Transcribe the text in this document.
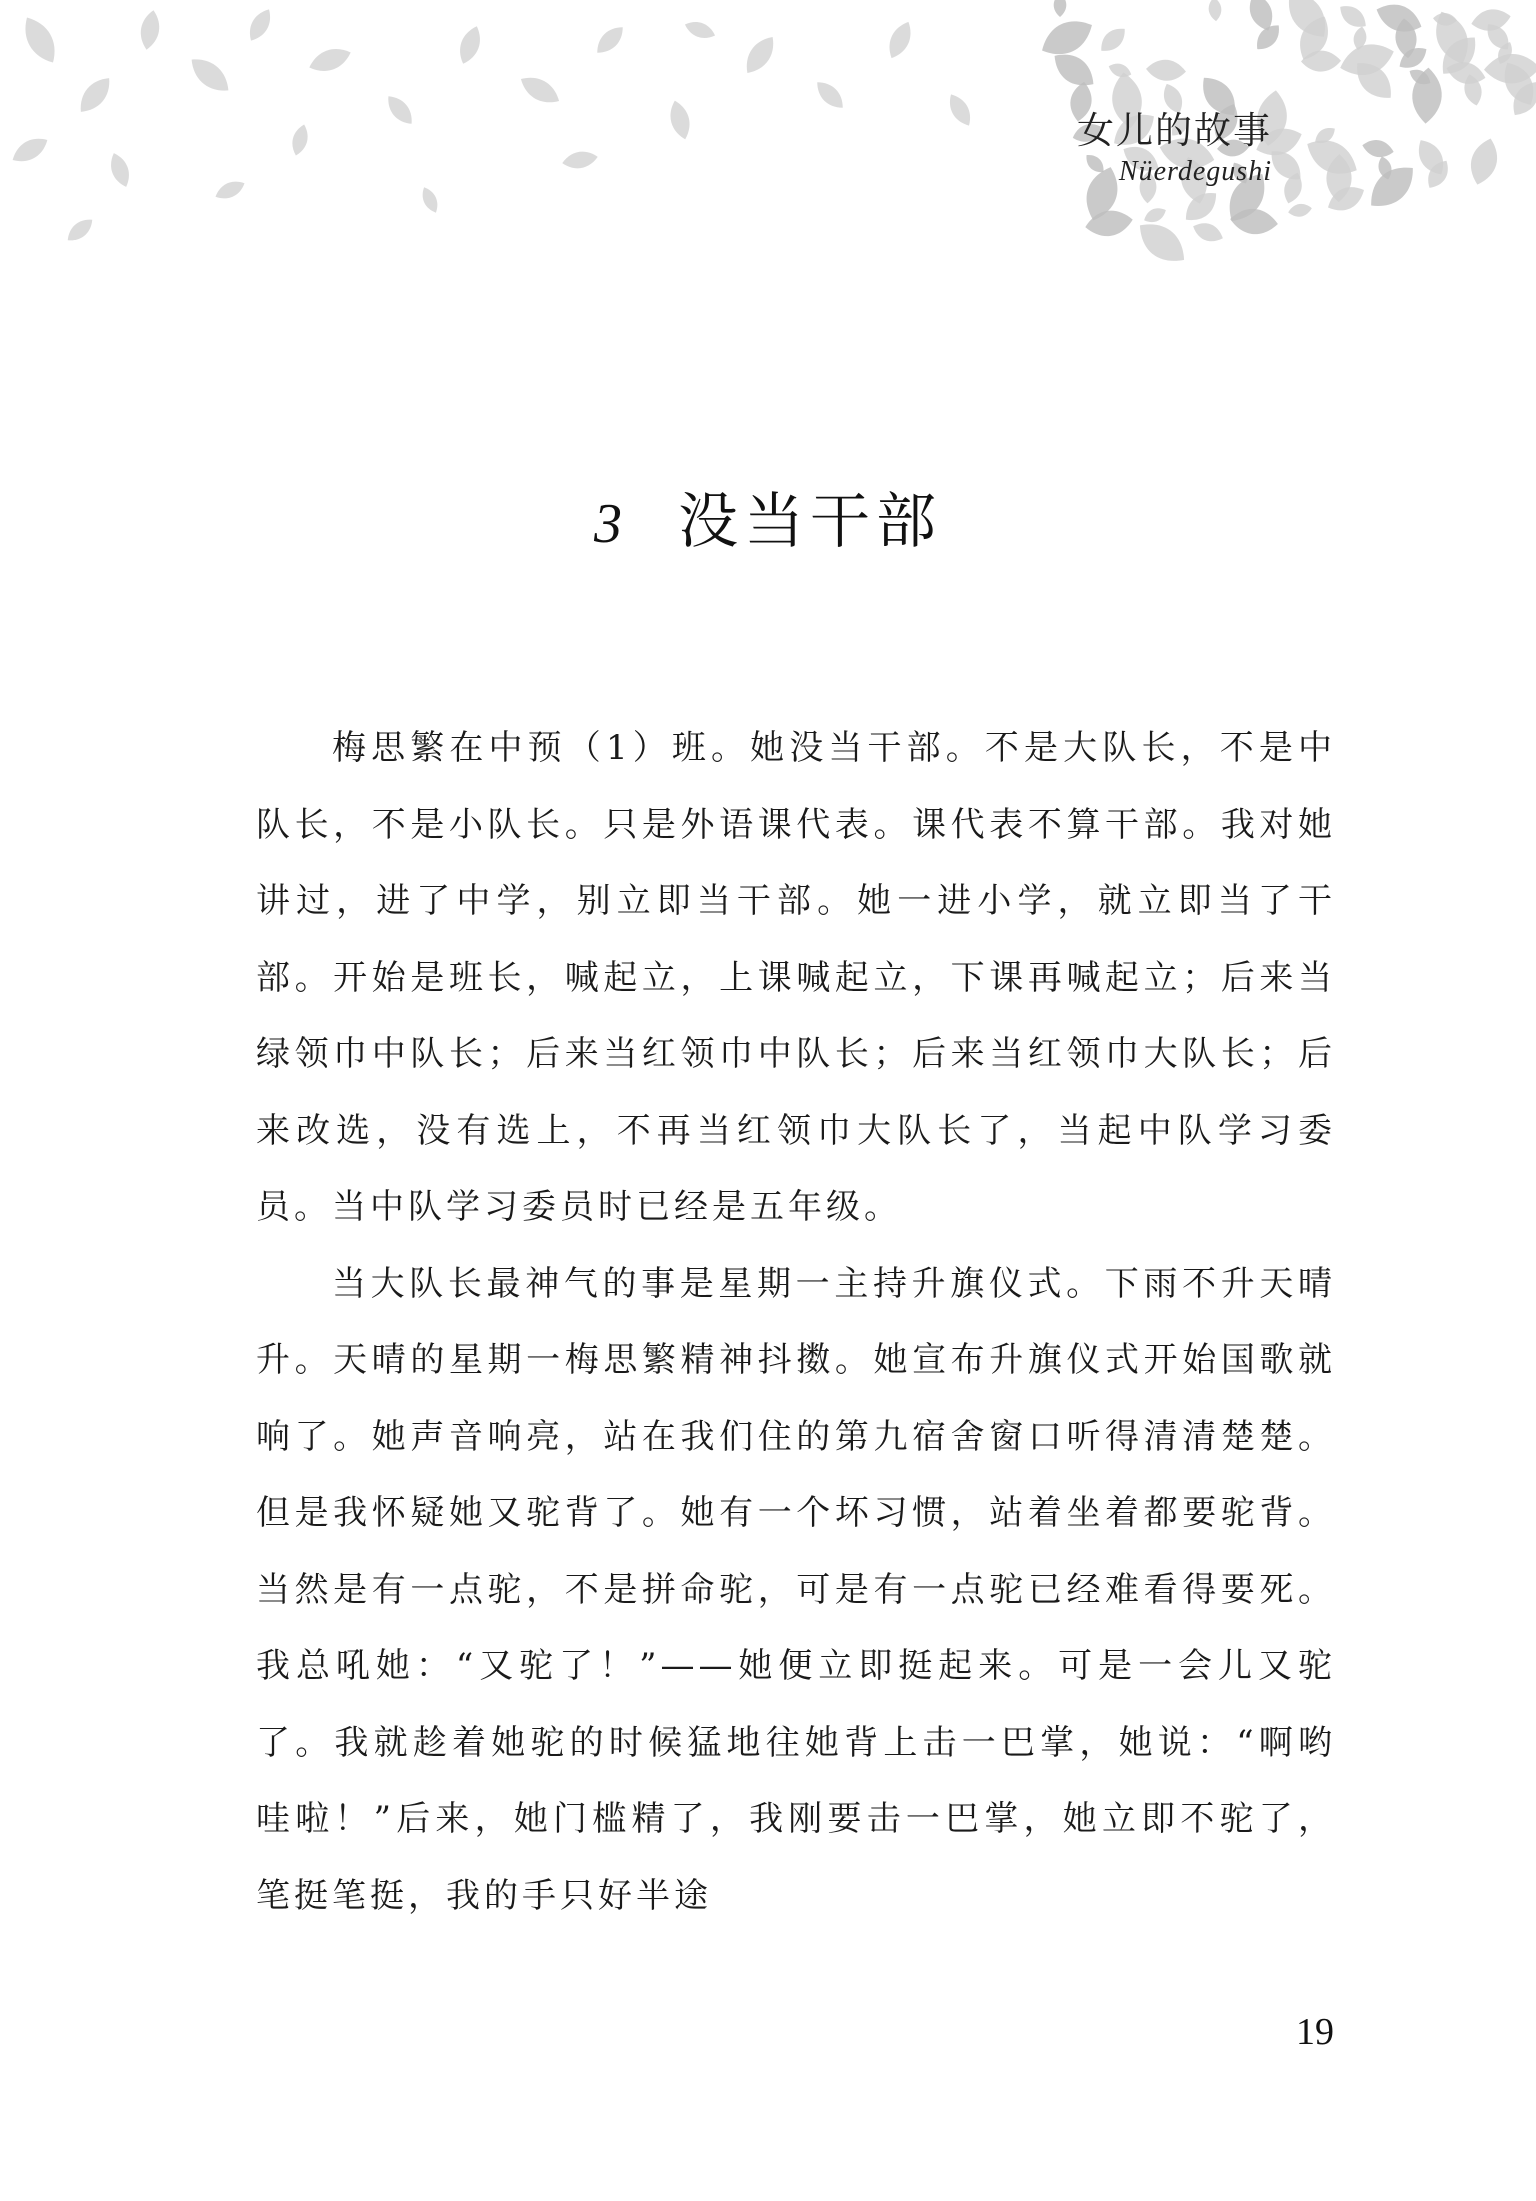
女儿的故事
Nüerdegushi
3 没当干部

梅思繁在中预（1）班。她没当干部。不是大队长，不是中队长，不是小队长。只是外语课代表。课代表不算干部。我对她讲过，进了中学，别立即当干部。她一进小学，就立即当了干部。开始是班长，喊起立，上课喊起立，下课再喊起立；后来当绿领巾中队长；后来当红领巾中队长；后来当红领巾大队长；后来改选，没有选上，不再当红领巾大队长了，当起中队学习委员。当中队学习委员时已经是五年级。

当大队长最神气的事是星期一主持升旗仪式。下雨不升天晴升。天晴的星期一梅思繁精神抖擞。她宣布升旗仪式开始国歌就响了。她声音响亮，站在我们住的第九宿舍窗口听得清清楚楚。但是我怀疑她又驼背了。她有一个坏习惯，站着坐着都要驼背。当然是有一点驼，不是拼命驼，可是有一点驼已经难看得要死。我总吼她：“又驼了！”——她便立即挺起来。可是一会儿又驼了。我就趁着她驼的时候猛地往她背上击一巴掌，她说：“啊哟哇啦！”后来，她门槛精了，我刚要击一巴掌，她立即不驼了，笔挺笔挺，我的手只好半途

19
